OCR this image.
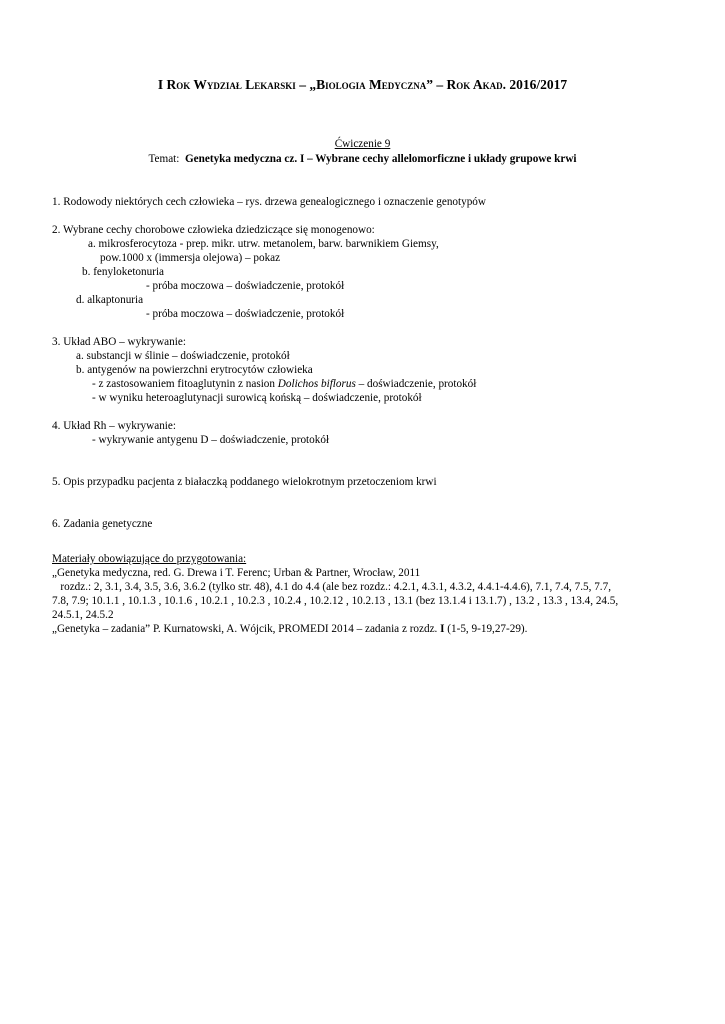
I Rok Wydział Lekarski – „Biologia Medyczna” – Rok Akad. 2016/2017
Ćwiczenie 9
Temat: Genetyka medyczna cz. I – Wybrane cechy allelomorficzne i układy grupowe krwi
1. Rodowody niektórych cech człowieka – rys. drzewa genealogicznego i oznaczenie genotypów
2. Wybrane cechy chorobowe człowieka dziedziczące się monogenowo:
a. mikrosferocytoza - prep. mikr. utrw. metanolem, barw. barwnikiem Giemsy,
pow.1000 x (immersja olejowa) – pokaz
b. fenyloketonuria
- próba moczowa – doświadczenie, protokół
d. alkaptonuria
- próba moczowa – doświadczenie, protokół
3. Układ ABO – wykrywanie:
a. substancji w ślinie – doświadczenie, protokół
b. antygenów na powierzchni erytrocytów człowieka
- z zastosowaniem fitoaglutynin z nasion Dolichos biflorus – doświadczenie, protokół
- w wyniku heteroaglutynacji surowicą końską – doświadczenie, protokół
4. Układ Rh – wykrywanie:
- wykrywanie antygenu D – doświadczenie, protokół
5. Opis przypadku pacjenta z białaczką poddanego wielokrotnym przetoczeniom krwi
6. Zadania genetyczne
Materiały obowiązujące do przygotowania:
„Genetyka medyczna, red. G. Drewa i T. Ferenc; Urban & Partner, Wrocław, 2011
rozdz.: 2, 3.1, 3.4, 3.5, 3.6, 3.6.2 (tylko str. 48), 4.1 do 4.4 (ale bez rozdz.: 4.2.1, 4.3.1, 4.3.2, 4.4.1-4.4.6), 7.1, 7.4, 7.5, 7.7,
7.8, 7.9; 10.1.1 , 10.1.3 , 10.1.6 , 10.2.1 , 10.2.3 , 10.2.4 , 10.2.12 , 10.2.13 , 13.1 (bez 13.1.4 i 13.1.7) , 13.2 , 13.3 , 13.4, 24.5,
24.5.1, 24.5.2
„Genetyka – zadania” P. Kurnatowski, A. Wójcik, PROMEDI 2014 – zadania z rozdz. I (1-5, 9-19,27-29).
